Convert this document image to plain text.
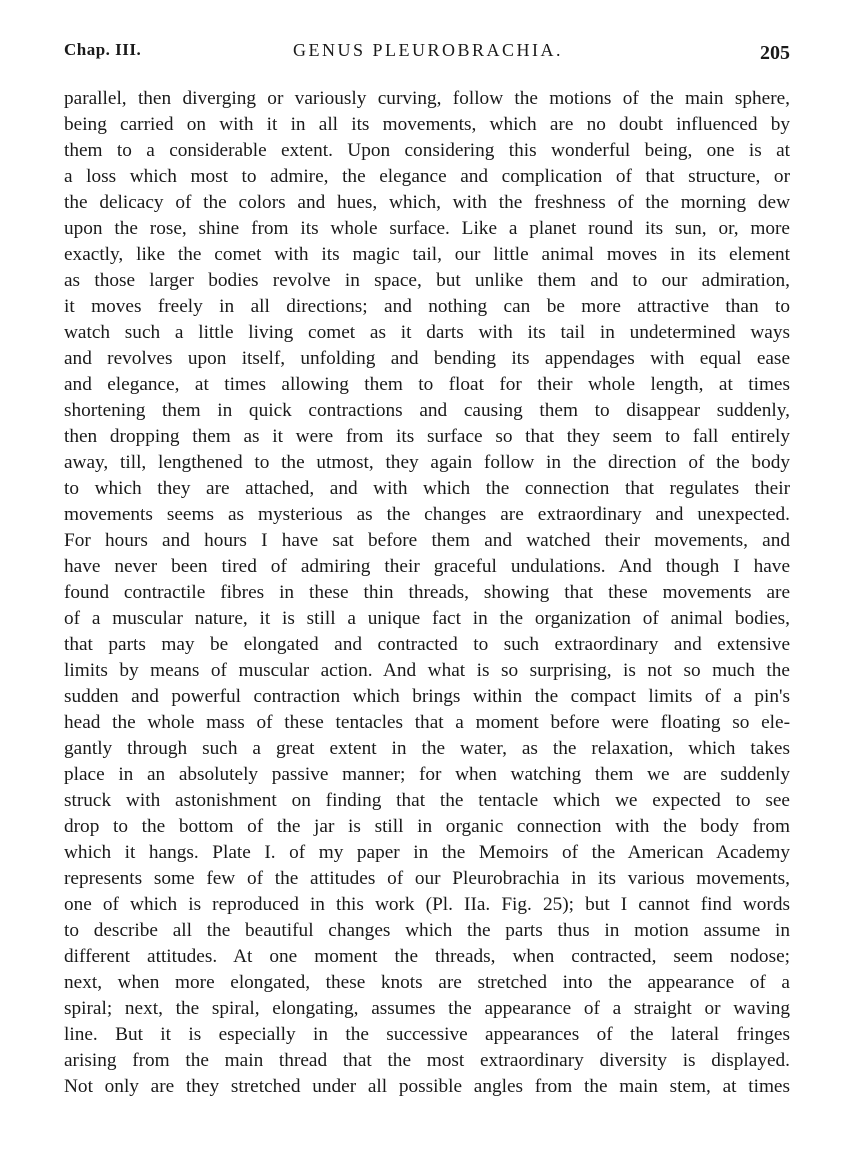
Chap. III.	GENUS PLEUROBRACHIA.	205
parallel, then diverging or variously curving, follow the motions of the main sphere,
being carried on with it in all its movements, which are no doubt influenced by
them to a considerable extent. Upon considering this wonderful being, one is at
a loss which most to admire, the elegance and complication of that structure, or
the delicacy of the colors and hues, which, with the freshness of the morning dew
upon the rose, shine from its whole surface. Like a planet round its sun, or, more
exactly, like the comet with its magic tail, our little animal moves in its element
as those larger bodies revolve in space, but unlike them and to our admiration,
it moves freely in all directions; and nothing can be more attractive than to
watch such a little living comet as it darts with its tail in undetermined ways
and revolves upon itself, unfolding and bending its appendages with equal ease
and elegance, at times allowing them to float for their whole length, at times
shortening them in quick contractions and causing them to disappear suddenly,
then dropping them as it were from its surface so that they seem to fall entirely
away, till, lengthened to the utmost, they again follow in the direction of the body
to which they are attached, and with which the connection that regulates their
movements seems as mysterious as the changes are extraordinary and unexpected.
For hours and hours I have sat before them and watched their movements, and
have never been tired of admiring their graceful undulations. And though I have
found contractile fibres in these thin threads, showing that these movements are
of a muscular nature, it is still a unique fact in the organization of animal bodies,
that parts may be elongated and contracted to such extraordinary and extensive
limits by means of muscular action. And what is so surprising, is not so much the
sudden and powerful contraction which brings within the compact limits of a pin's
head the whole mass of these tentacles that a moment before were floating so ele-
gantly through such a great extent in the water, as the relaxation, which takes
place in an absolutely passive manner; for when watching them we are suddenly
struck with astonishment on finding that the tentacle which we expected to see
drop to the bottom of the jar is still in organic connection with the body from
which it hangs. Plate I. of my paper in the Memoirs of the American Academy
represents some few of the attitudes of our Pleurobrachia in its various movements,
one of which is reproduced in this work (Pl. IIa. Fig. 25); but I cannot find words
to describe all the beautiful changes which the parts thus in motion assume in
different attitudes. At one moment the threads, when contracted, seem nodose;
next, when more elongated, these knots are stretched into the appearance of a
spiral; next, the spiral, elongating, assumes the appearance of a straight or waving
line. But it is especially in the successive appearances of the lateral fringes
arising from the main thread that the most extraordinary diversity is displayed.
Not only are they stretched under all possible angles from the main stem, at times
